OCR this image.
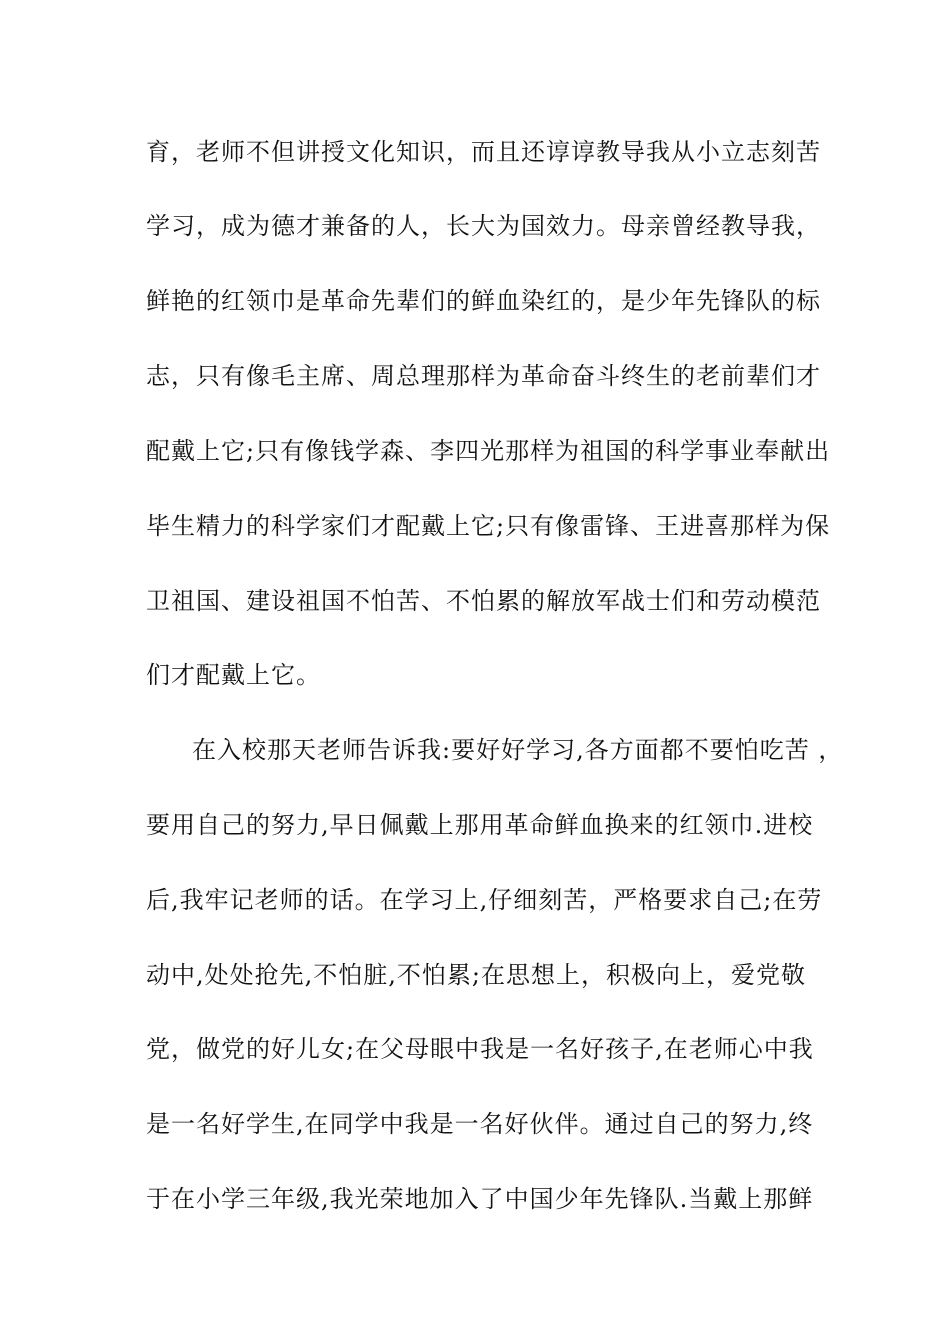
育，老师不但讲授文化知识，而且还谆谆教导我从小立志刻苦
学习，成为德才兼备的人，长大为国效力。母亲曾经教导我，
鲜艳的红领巾是革命先辈们的鲜血染红的，是少年先锋队的标
志，只有像毛主席、周总理那样为革命奋斗终生的老前辈们才
配戴上它;只有像钱学森、李四光那样为祖国的科学事业奉献出
毕生精力的科学家们才配戴上它;只有像雷锋、王进喜那样为保
卫祖国、建设祖国不怕苦、不怕累的解放军战士们和劳动模范
们才配戴上它。
在入校那天老师告诉我:要好好学习,各方面都不要怕吃苦 ，
要用自己的努力,早日佩戴上那用革命鲜血换来的红领巾.进校
后,我牢记老师的话。在学习上,仔细刻苦，严格要求自己;在劳
动中,处处抢先,不怕脏,不怕累;在思想上，积极向上，爱党敬
党，做党的好儿女;在父母眼中我是一名好孩子,在老师心中我
是一名好学生,在同学中我是一名好伙伴。通过自己的努力,终
于在小学三年级,我光荣地加入了中国少年先锋队.当戴上那鲜
